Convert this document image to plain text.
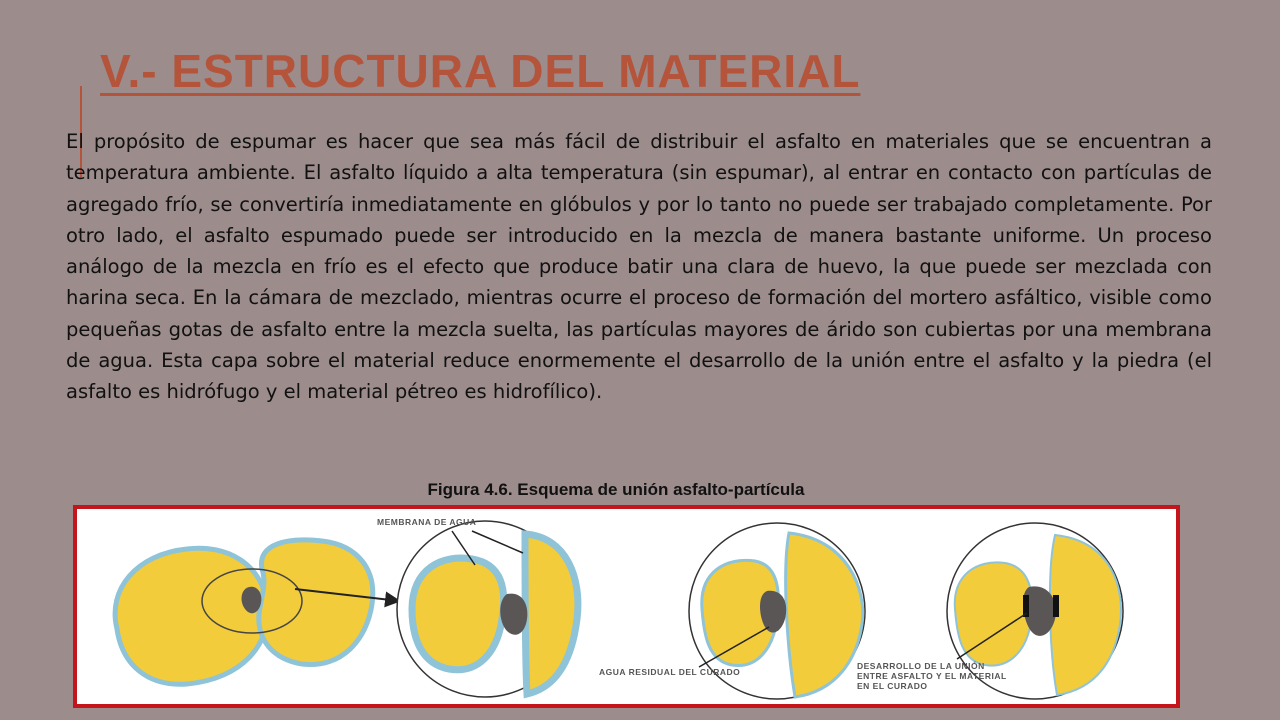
V.- ESTRUCTURA DEL MATERIAL

El propósito de espumar es hacer que sea más fácil de distribuir el asfalto en materiales que se encuentran a temperatura ambiente. El asfalto líquido a alta temperatura (sin espumar), al entrar en contacto con partículas de agregado frío, se convertiría inmediatamente en glóbulos y por lo tanto no puede ser trabajado completamente. Por otro lado, el asfalto espumado puede ser introducido en la mezcla de manera bastante uniforme. Un proceso análogo de la mezcla en frío es el efecto que produce batir una clara de huevo, la que puede ser mezclada con harina seca. En la cámara de mezclado, mientras ocurre el proceso de formación del mortero asfáltico, visible como pequeñas gotas de asfalto entre la mezcla suelta, las partículas mayores de árido son cubiertas por una membrana de agua. Esta capa sobre el material reduce enormemente el desarrollo de la unión entre el asfalto y la piedra (el asfalto es hidrófugo y el material pétreo es hidrofílico).

Figura 4.6. Esquema de unión asfalto-partícula

MEMBRANA DE AGUA
AGUA RESIDUAL DEL CURADO
DESARROLLO DE LA UNIÓN ENTRE ASFALTO Y EL MATERIAL EN EL CURADO
